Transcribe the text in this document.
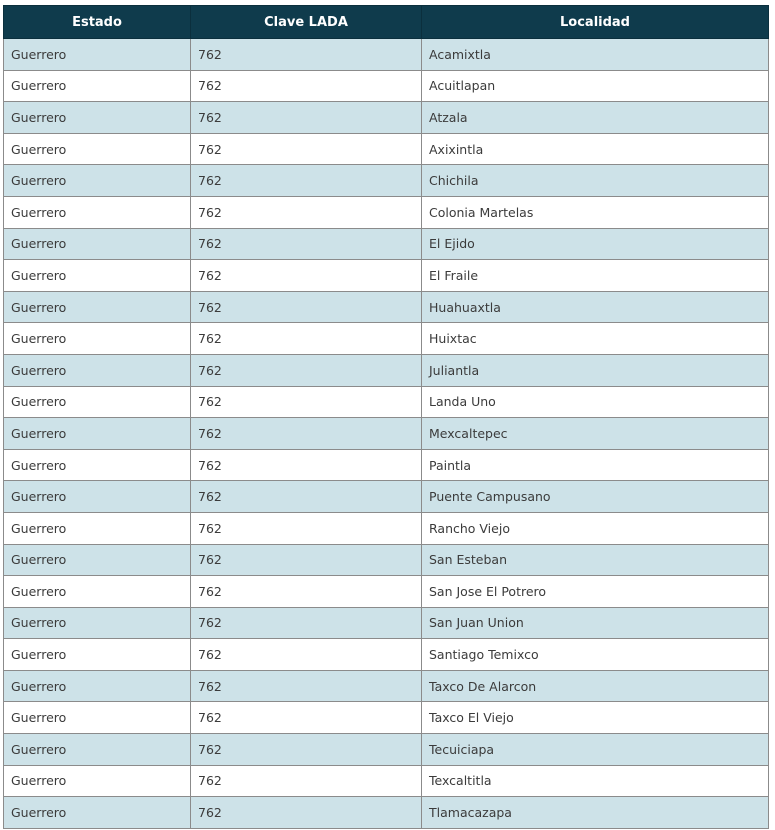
Estado	Clave LADA	Localidad
Guerrero	762	Acamixtla
Guerrero	762	Acuitlapan
Guerrero	762	Atzala
Guerrero	762	Axixintla
Guerrero	762	Chichila
Guerrero	762	Colonia Martelas
Guerrero	762	El Ejido
Guerrero	762	El Fraile
Guerrero	762	Huahuaxtla
Guerrero	762	Huixtac
Guerrero	762	Juliantla
Guerrero	762	Landa Uno
Guerrero	762	Mexcaltepec
Guerrero	762	Paintla
Guerrero	762	Puente Campusano
Guerrero	762	Rancho Viejo
Guerrero	762	San Esteban
Guerrero	762	San Jose El Potrero
Guerrero	762	San Juan Union
Guerrero	762	Santiago Temixco
Guerrero	762	Taxco De Alarcon
Guerrero	762	Taxco El Viejo
Guerrero	762	Tecuiciapa
Guerrero	762	Texcaltitla
Guerrero	762	Tlamacazapa
